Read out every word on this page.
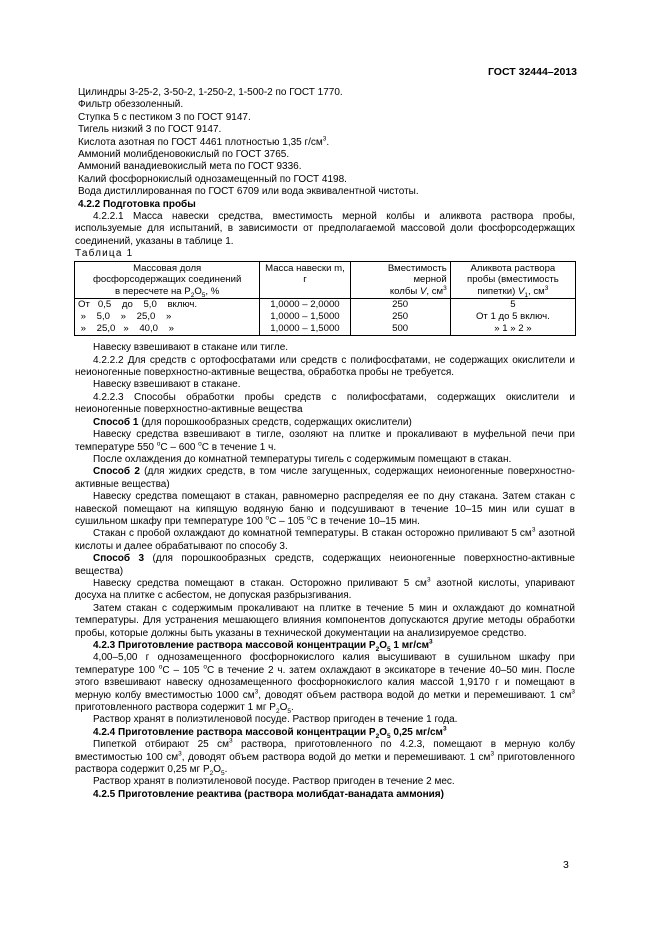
ГОСТ 32444–2013

Цилиндры 3-25-2, 3-50-2, 1-250-2, 1-500-2 по ГОСТ 1770.

Фильтр обеззоленный.

Ступка 5 с пестиком 3 по ГОСТ 9147.

Тигель низкий 3 по ГОСТ 9147.

Кислота азотная по ГОСТ 4461 плотностью 1,35 $г/см^3$.

Аммоний молибденовокислый по ГОСТ 3765.

Аммоний ванадиевокислый мета по ГОСТ 9336.

Калий фосфорнокислый однозамещенный по ГОСТ 4198.

Вода дистиллированная по ГОСТ 6709 или вода эквивалентной чистоты.

4.2.2 Подготовка пробы

4.2.2.1 Масса навески средства, вместимость мерной колбы и аликвота раствора пробы, используемые для испытаний, в зависимости от предполагаемой массовой доли фосфорсодержащих соединений, указаны в таблице 1.

Таблица 1

Массовая доля
фосфорсодержащих соединений
в пересчете на $P_2O_5$, %	Масса навески m, г	Вместимость мерной
колбы V, $см^3$	Аликвота раствора
пробы (вместимость
пипетки) $V_1$, $см^3$
От   0,5    до    5,0    включ.	1,0000 – 2,0000	250	5
»    5,0    »    25,0    »	1,0000 – 1,5000	250	От 1 до 5 включ.
»    25,0   »    40,0    »	1,0000 – 1,5000	500	» 1 » 2 »

Навеску взвешивают в стакане или тигле.

4.2.2.2 Для средств с ортофосфатами или средств с полифосфатами, не содержащих окислители и неионогенные поверхностно-активные вещества, обработка пробы не требуется.

Навеску взвешивают в стакане.

4.2.2.3 Способы обработки пробы средств с полифосфатами, содержащих окислители и неионогенные поверхностно-активные вещества

Способ 1 (для порошкообразных средств, содержащих окислители)

Навеску средства взвешивают в тигле, озоляют на плитке и прокаливают в муфельной печи при температуре 550 $^o$С – 600 $^o$С в течение 1 ч.

После охлаждения до комнатной температуры тигель с содержимым помещают в стакан.

Способ 2 (для жидких средств, в том числе загущенных, содержащих неионогенные поверхностно-активные вещества)

Навеску средства помещают в стакан, равномерно распределяя ее по дну стакана. Затем стакан с навеской помещают на кипящую водяную баню и подсушивают в течение 10–15 мин или сушат в сушильном шкафу при температуре 100 $^o$С – 105 $^o$С в течение 10–15 мин.

Стакан с пробой охлаждают до комнатной температуры. В стакан осторожно приливают 5 $см^3$ азотной кислоты и далее обрабатывают по способу 3.

Способ 3 (для порошкообразных средств, содержащих неионогенные поверхностно-активные вещества)

Навеску средства помещают в стакан. Осторожно приливают 5 $см^3$ азотной кислоты, упаривают досуха на плитке с асбестом, не допуская разбрызгивания.

Затем стакан с содержимым прокаливают на плитке в течение 5 мин и охлаждают до комнатной температуры. Для устранения мешающего влияния компонентов допускаются другие методы обработки пробы, которые должны быть указаны в технической документации на анализируемое средство.

4.2.3 Приготовление раствора массовой концентрации $P_2O_5$ 1 $мг/см^3$

4,00–5,00 г однозамещенного фосфорнокислого калия высушивают в сушильном шкафу при температуре 100 $^o$С – 105 $^o$С в течение 2 ч. затем охлаждают в эксикаторе в течение 40–50 мин. После этого взвешивают навеску однозамещенного фосфорнокислого калия массой 1,9170 г и помещают в мерную колбу вместимостью 1000 $см^3$, доводят объем раствора водой до метки и перемешивают. 1 $см^3$ приготовленного раствора содержит 1 мг $P_2O_5$.

Раствор хранят в полиэтиленовой посуде. Раствор пригоден в течение 1 года.

4.2.4 Приготовление раствора массовой концентрации $P_2O_5$ 0,25 $мг/см^3$

Пипеткой отбирают 25 $см^3$ раствора, приготовленного по 4.2.3, помещают в мерную колбу вместимостью 100 $см^3$, доводят объем раствора водой до метки и перемешивают. 1 $см^3$ приготовленного раствора содержит 0,25 мг $P_2O_5$.

Раствор хранят в полиэтиленовой посуде. Раствор пригоден в течение 2 мес.

4.2.5 Приготовление реактива (раствора молибдат-ванадата аммония)

3
